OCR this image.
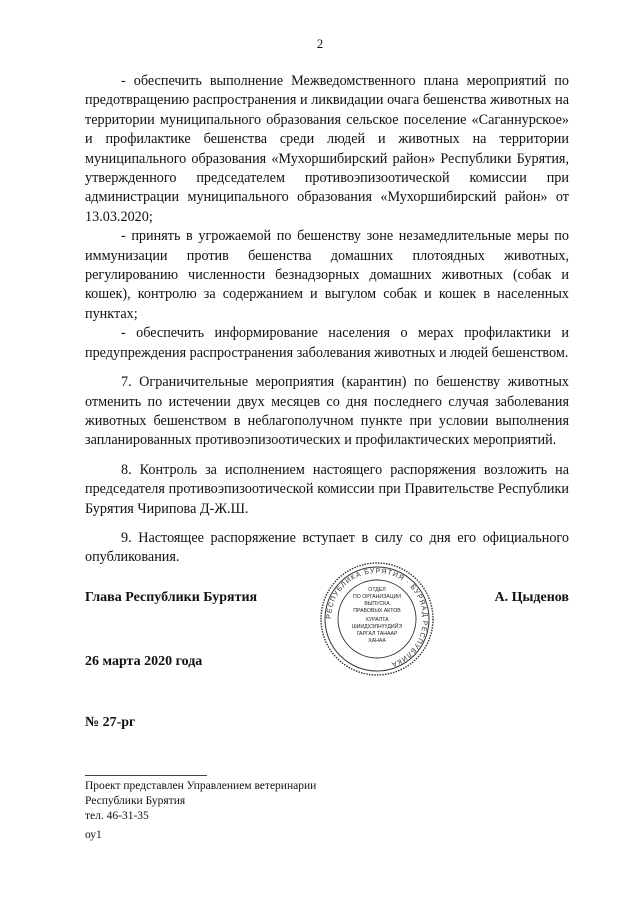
2

- обеспечить выполнение Межведомственного плана мероприятий по предотвращению распространения и ликвидации очага бешенства животных на территории муниципального образования сельское поселение «Саганнурское» и профилактике бешенства среди людей и животных на территории муниципального образования «Мухоршибирский район» Республики Бурятия, утвержденного председателем противоэпизоотической комиссии при администрации муниципального образования «Мухоршибирский район» от 13.03.2020;

- принять в угрожаемой по бешенству зоне незамедлительные меры по иммунизации против бешенства домашних плотоядных животных, регулированию численности безнадзорных домашних животных (собак и кошек), контролю за содержанием и выгулом собак и кошек в населенных пунктах;

- обеспечить информирование населения о мерах профилактики и предупреждения распространения заболевания животных и людей бешенством.

7. Ограничительные мероприятия (карантин) по бешенству животных отменить по истечении двух месяцев со дня последнего случая заболевания животных бешенством в неблагополучном пункте при условии выполнения запланированных противоэпизоотических и профилактических мероприятий.

8. Контроль за исполнением настоящего распоряжения возложить на председателя противоэпизоотической комиссии при Правительстве Республики Бурятия Чирипова Д-Ж.Ш.

9. Настоящее распоряжение вступает в силу со дня его официального опубликования.

РЕСПУБЛИКА БУРЯТИЯ · БУРЯАД РЕСПУБЛИКА
ОТДЕЛ
ПО ОРГАНИЗАЦИИ
ВЫПУСКА
ПРАВОВЫХ АКТОВ
ХУРАЛТА
ШИИДХЭЛНҮҮДИЙЭ
ГАРГАЛ ТАНААР
ХАНАА
Глава Республики Бурятия	А. Цыденов
26 марта 2020 года
№ 27-рг
Проект представлен Управлением ветеринарии
Республики Бурятия
тел. 46-31-35
оу1
